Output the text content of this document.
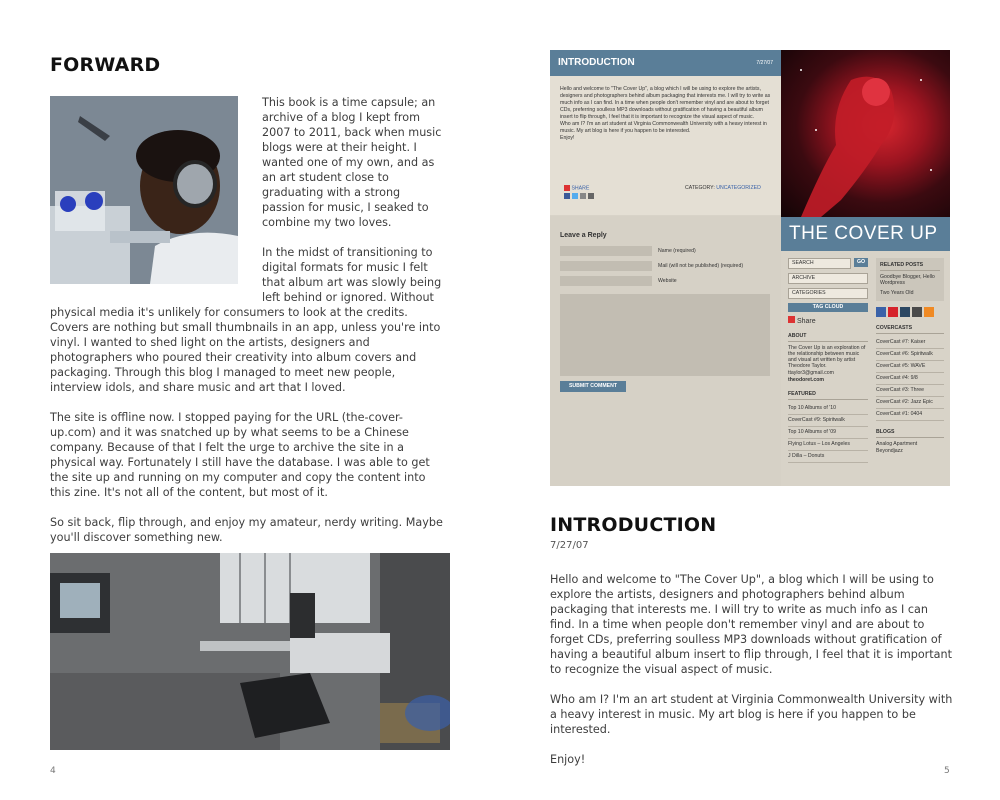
FORWARD

This book is a time capsule; an archive of a blog I kept from 2007 to 2011, back when music blogs were at their height. I wanted one of my own, and as an art student close to graduating with a strong passion for music, I seaked to combine my two loves.

In the midst of transitioning to digital formats for music I felt that album art was slowly being left behind or ignored. Without physical media it's unlikely for consumers to look at the credits. Covers are nothing but small thumbnails in an app, unless you're into vinyl. I wanted to shed light on the artists, designers and photographers who poured their creativity into album covers and packaging. Through this blog I managed to meet new people, interview idols, and share music and art that I loved.

The site is offline now. I stopped paying for the URL (the-cover-up.com) and it was snatched up by what seems to be a Chinese company. Because of that I felt the urge to archive the site in a physical way. Fortunately I still have the database. I was able to get the site up and running on my computer and copy the content into this zine. It's not all of the content, but most of it.

So sit back, flip through, and enjoy my amateur, nerdy writing. Maybe you'll discover something new.

4
INTRODUCTION	7/27/07
Hello and welcome to "The Cover Up", a blog which I will be using to explore the artists, designers and photographers behind album packaging that interests me. I will try to write as much info as I can find. In a time when people don't remember vinyl and are about to forget CDs, preferring soulless MP3 downloads without gratification of having a beautiful album insert to flip through, I feel that it is important to recognize the visual aspect of music.
Who am I? I'm an art student at Virginia Commonwealth University with a heavy interest in music. My art blog is here if you happen to be interested.
Enjoy!
SHARE	CATEGORY: UNCATEGORIZED
Leave a Reply
Name (required)
Mail (will not be published) (required)
Website
SUBMIT COMMENT
THE COVER UP
SEARCH	GO
ARCHIVE
CATEGORIES
TAG CLOUD
Share
ABOUT
The Cover Up is an exploration of the relationship between music and visual art written by artist Theodore Taylor.
ttaylor3@gmail.com
theodoret.com
FEATURED
Top 10 Albums of '10
CoverCast #9: Spiritwalk
Top 10 Albums of '09
Flying Lotus – Los Angeles
J Dilla – Donuts
RELATED POSTS
Goodbye Blogger, Hello Wordpress
Two Years Old
COVERCASTS
CoverCast #7: Kaiser
CoverCast #6: Spiritwalk
CoverCast #5: WAVE
CoverCast #4: 9/8
CoverCast #3: Three
CoverCast #2: Jazz Epic
CoverCast #1: 0404
BLOGS
Analog Apartment
Beyondjazz
INTRODUCTION
7/27/07

Hello and welcome to "The Cover Up", a blog which I will be using to explore the artists, designers and photographers behind album packaging that interests me. I will try to write as much info as I can find. In a time when people don't remember vinyl and are about to forget CDs, preferring soulless MP3 downloads without gratification of having a beautiful album insert to flip through, I feel that it is important to recognize the visual aspect of music.

Who am I? I'm an art student at Virginia Commonwealth University with a heavy interest in music. My art blog is here if you happen to be interested.

Enjoy!

5
